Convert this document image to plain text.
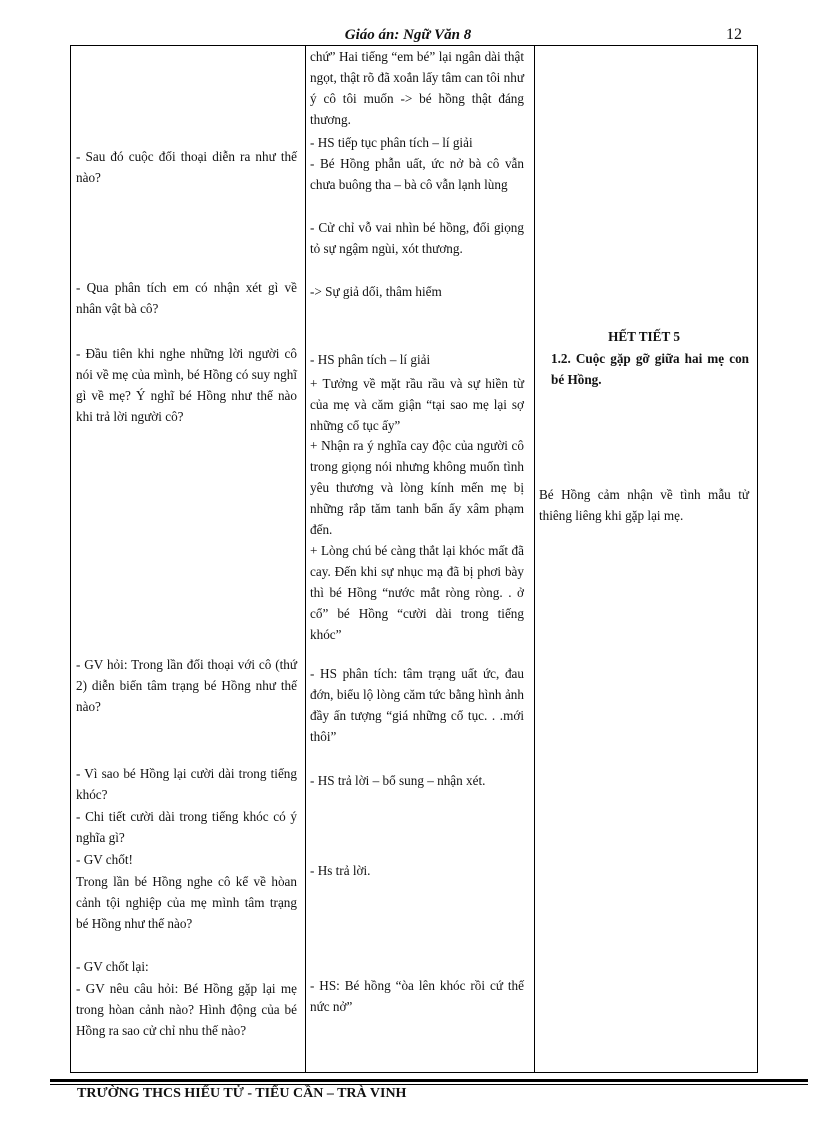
Giáo án: Ngữ Văn 8	12

- Sau đó cuộc đối thoại diễn ra như thế nào?

- Qua phân tích em có nhận xét gì về nhân vật bà cô?

- Đầu tiên khi nghe những lời người cô nói về mẹ của mình, bé Hồng có suy nghĩ gì về mẹ? Ý nghĩ bé Hồng như thế nào khi trả lời người cô?

- GV hỏi: Trong lần đối thoại với cô (thứ 2) diễn biến tâm trạng bé Hồng như thế nào?

- Vì sao bé Hồng lại cười dài trong tiếng khóc?

- Chi tiết cười dài trong tiếng khóc có ý nghĩa gì?

- GV chốt!

Trong lần bé Hồng nghe cô kể về hòan cảnh tội nghiệp của mẹ mình tâm trạng bé Hồng như thế nào?

- GV chốt lại:

- GV nêu câu hỏi: Bé Hồng gặp lại mẹ trong hòan cảnh nào? Hình động của bé Hồng ra sao cử chỉ nhu thế nào?

chứ” Hai tiếng “em bé” lại ngân dài thật ngọt, thật rõ đã xoắn lấy tâm can tôi như ý cô tôi muốn -> bé hồng thật đáng thương.

- HS tiếp tục phân tích – lí giải

- Bé Hồng phẫn uất, ức nở bà cô vẫn chưa buông tha – bà cô vẫn lạnh lùng

- Cử chỉ vỗ vai nhìn bé hồng, đổi giọng tỏ sự ngậm ngùi, xót thương.

-> Sự giả dối, thâm hiểm

- HS phân tích – lí giải

+ Tưởng về mặt rầu rầu và sự hiền từ của mẹ và căm giận “tại sao mẹ lại sợ những cổ tục ấy”

+ Nhận ra ý nghĩa cay độc của người cô trong giọng nói nhưng không muốn tình yêu thương và lòng kính mến mẹ bị những rắp tăm tanh bẩn ấy xâm phạm đến.

+ Lòng chú bé càng thắt lại khóc mất đã cay. Đến khi sự nhục mạ đã bị phơi bày thì bé Hồng “nước mắt ròng ròng. . ở cổ” bé Hồng “cười dài trong tiếng khóc”

- HS phân tích: tâm trạng uất ức, đau đớn, biểu lộ lòng căm tức bằng hình ảnh đầy ấn tượng “giá những cổ tục. . .mới thôi”

- HS trả lời – bổ sung – nhận xét.

- Hs trả lời.

- HS: Bé hồng “òa lên khóc rồi cứ thế nức nở”

HẾT TIẾT 5

1.2. Cuộc gặp gỡ giữa hai mẹ con bé Hồng.

Bé Hồng cảm nhận về tình mẫu tử thiêng liêng khi gặp lại mẹ.

TRƯỜNG THCS HIẾU TỬ - TIỂU CẦN – TRÀ VINH
